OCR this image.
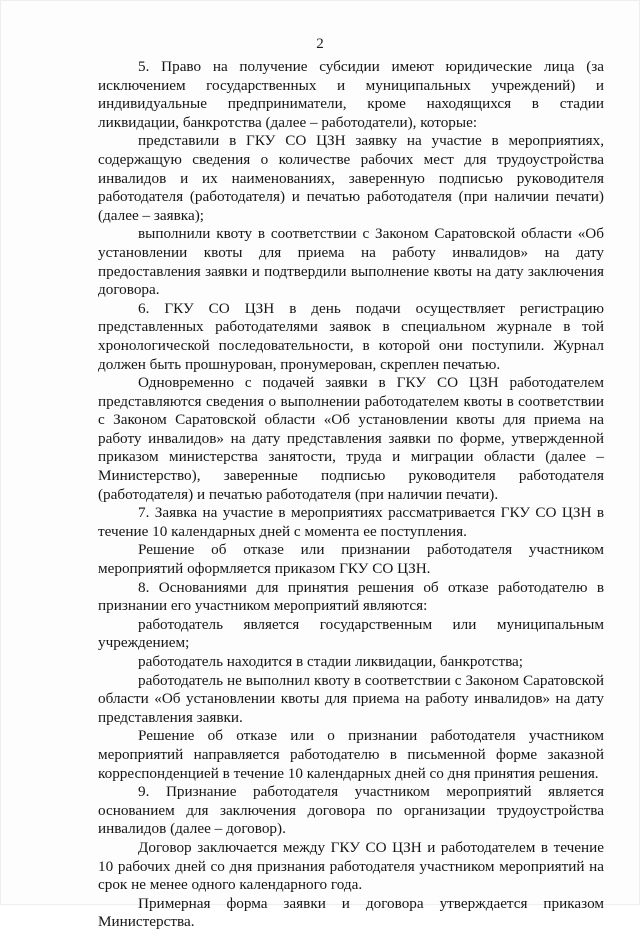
2

5. Право на получение субсидии имеют юридические лица (за исключением государственных и муниципальных учреждений) и индивидуальные предприниматели, кроме находящихся в стадии ликвидации, банкротства (далее – работодатели), которые:

представили в ГКУ СО ЦЗН заявку на участие в мероприятиях, содержащую сведения о количестве рабочих мест для трудоустройства инвалидов и их наименованиях, заверенную подписью руководителя работодателя (работодателя) и печатью работодателя (при наличии печати) (далее – заявка);

выполнили квоту в соответствии с Законом Саратовской области «Об установлении квоты для приема на работу инвалидов» на дату предоставления заявки и подтвердили выполнение квоты на дату заключения договора.

6. ГКУ СО ЦЗН в день подачи осуществляет регистрацию представленных работодателями заявок в специальном журнале в той хронологической последовательности, в которой они поступили. Журнал должен быть прошнурован, пронумерован, скреплен печатью.

Одновременно с подачей заявки в ГКУ СО ЦЗН работодателем представляются сведения о выполнении работодателем квоты в соответствии с Законом Саратовской области «Об установлении квоты для приема на работу инвалидов» на дату представления заявки по форме, утвержденной приказом министерства занятости, труда и миграции области (далее – Министерство), заверенные подписью руководителя работодателя (работодателя) и печатью работодателя (при наличии печати).

7. Заявка на участие в мероприятиях рассматривается ГКУ СО ЦЗН в течение 10 календарных дней с момента ее поступления.

Решение об отказе или признании работодателя участником мероприятий оформляется приказом ГКУ СО ЦЗН.

8. Основаниями для принятия решения об отказе работодателю в признании его участником мероприятий являются:

работодатель является государственным или муниципальным учреждением;

работодатель находится в стадии ликвидации, банкротства;

работодатель не выполнил квоту в соответствии с Законом Саратовской области «Об установлении квоты для приема на работу инвалидов» на дату представления заявки.

Решение об отказе или о признании работодателя участником мероприятий направляется работодателю в письменной форме заказной корреспонденцией в течение 10 календарных дней со дня принятия решения.

9. Признание работодателя участником мероприятий является основанием для заключения договора по организации трудоустройства инвалидов (далее – договор).

Договор заключается между ГКУ СО ЦЗН и работодателем в течение 10 рабочих дней со дня признания работодателя участником мероприятий на срок не менее одного календарного года.

Примерная форма заявки и договора утверждается приказом Министерства.
